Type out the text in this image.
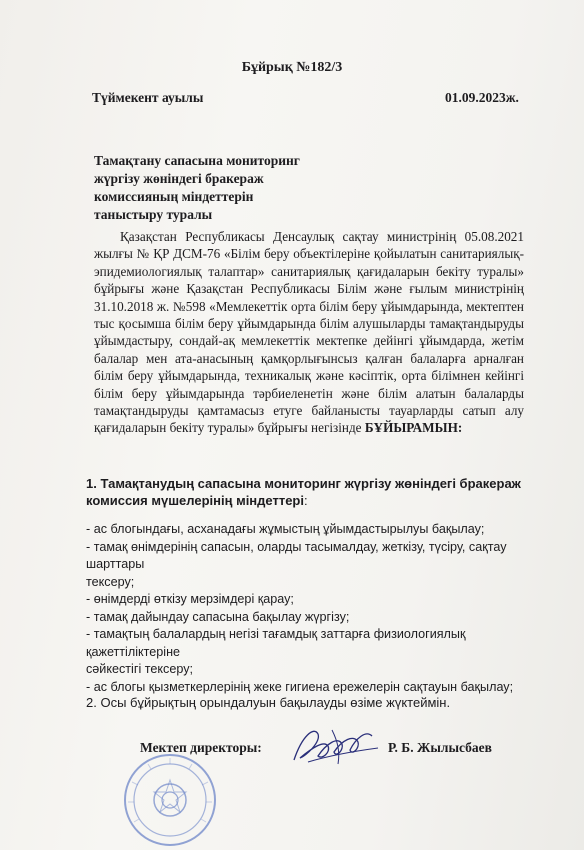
Бұйрық №182/3
Түймекент ауылы	01.09.2023ж.
Тамақтану сапасына мониторинг
жүргізу жөніндегі бракераж
комиссияның міндеттерін
таныстыру туралы
Қазақстан Республикасы Денсаулық сақтау министрінің 05.08.2021 жылғы № ҚР ДСМ-76 «Білім беру объектілеріне қойылатын санитариялық-эпидемиологиялық талаптар» санитариялық қағидаларын бекіту туралы» бұйрығы және Қазақстан Республикасы Білім және ғылым министрінің 31.10.2018 ж. №598 «Мемлекеттік орта білім беру ұйымдарында, мектептен тыс қосымша білім беру ұйымдарында білім алушыларды тамақтандыруды ұйымдастыру, сондай-ақ мемлекеттік мектепке дейінгі ұйымдарда, жетім балалар мен ата-анасының қамқорлығынсыз қалған балаларға арналған білім беру ұйымдарында, техникалық және кәсіптік, орта білімнен кейінгі білім беру ұйымдарында тәрбиеленетін және білім алатын балаларды тамақтандыруды қамтамасыз етуге байланысты тауарларды сатып алу қағидаларын бекіту туралы» бұйрығы негізінде БҰЙЫРАМЫН:
1. Тамақтанудың сапасына мониторинг жүргізу жөніндегі бракераж
комиссия мүшелерінің міндеттері:
- ас блогындағы, асханадағы жұмыстың ұйымдастырылуы бақылау;
- тамақ өнімдерінің сапасын, оларды тасымалдау, жеткізу, түсіру, сақтау
шарттары
тексеру;
- өнімдерді өткізу мерзімдері қарау;
- тамақ дайындау сапасына бақылау жүргізу;
- тамақтың балалардың негізі тағамдық заттарға физиологиялық
қажеттіліктеріне
сәйкестігі тексеру;
- ас блогы қызметкерлерінің жеке гигиена ережелерін сақтауын бақылау;
2. Осы бұйрықтың орындалуын бақылауды өзіме жүктеймін.
Мектеп директоры:	Р. Б. Жылысбаев
